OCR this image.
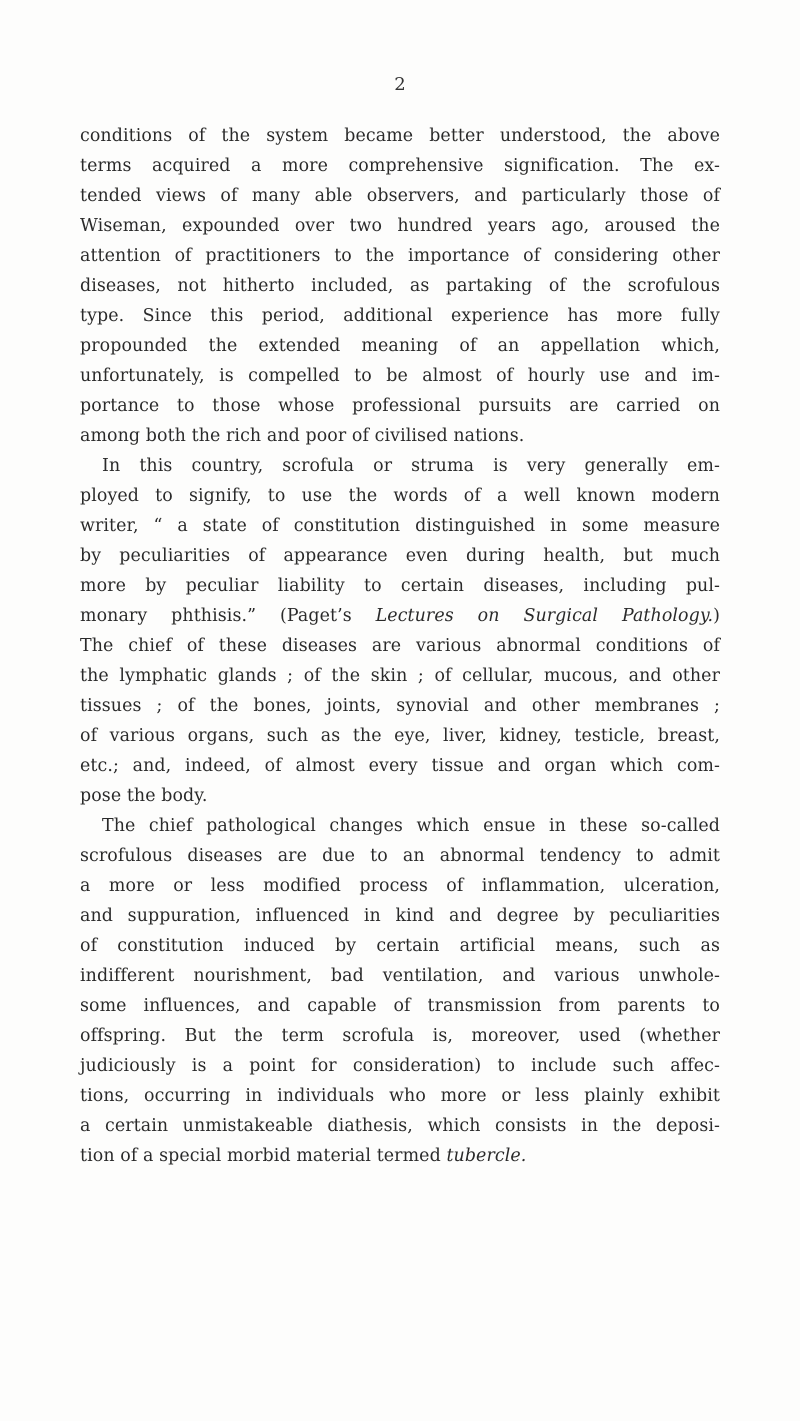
2
conditions of the system became better understood, the above
terms acquired a more comprehensive signification. The ex-
tended views of many able observers, and particularly those of
Wiseman, expounded over two hundred years ago, aroused the
attention of practitioners to the importance of considering other
diseases, not hitherto included, as partaking of the scrofulous
type. Since this period, additional experience has more fully
propounded the extended meaning of an appellation which,
unfortunately, is compelled to be almost of hourly use and im-
portance to those whose professional pursuits are carried on
among both the rich and poor of civilised nations.
In this country, scrofula or struma is very generally em-
ployed to signify, to use the words of a well known modern
writer, “ a state of constitution distinguished in some measure
by peculiarities of appearance even during health, but much
more by peculiar liability to certain diseases, including pul-
monary phthisis.” (Paget’s Lectures on Surgical Pathology.)
The chief of these diseases are various abnormal conditions of
the lymphatic glands ; of the skin ; of cellular, mucous, and other
tissues ; of the bones, joints, synovial and other membranes ;
of various organs, such as the eye, liver, kidney, testicle, breast,
etc.; and, indeed, of almost every tissue and organ which com-
pose the body.
The chief pathological changes which ensue in these so-called
scrofulous diseases are due to an abnormal tendency to admit
a more or less modified process of inflammation, ulceration,
and suppuration, influenced in kind and degree by peculiarities
of constitution induced by certain artificial means, such as
indifferent nourishment, bad ventilation, and various unwhole-
some influences, and capable of transmission from parents to
offspring. But the term scrofula is, moreover, used (whether
judiciously is a point for consideration) to include such affec-
tions, occurring in individuals who more or less plainly exhibit
a certain unmistakeable diathesis, which consists in the deposi-
tion of a special morbid material termed tubercle.
